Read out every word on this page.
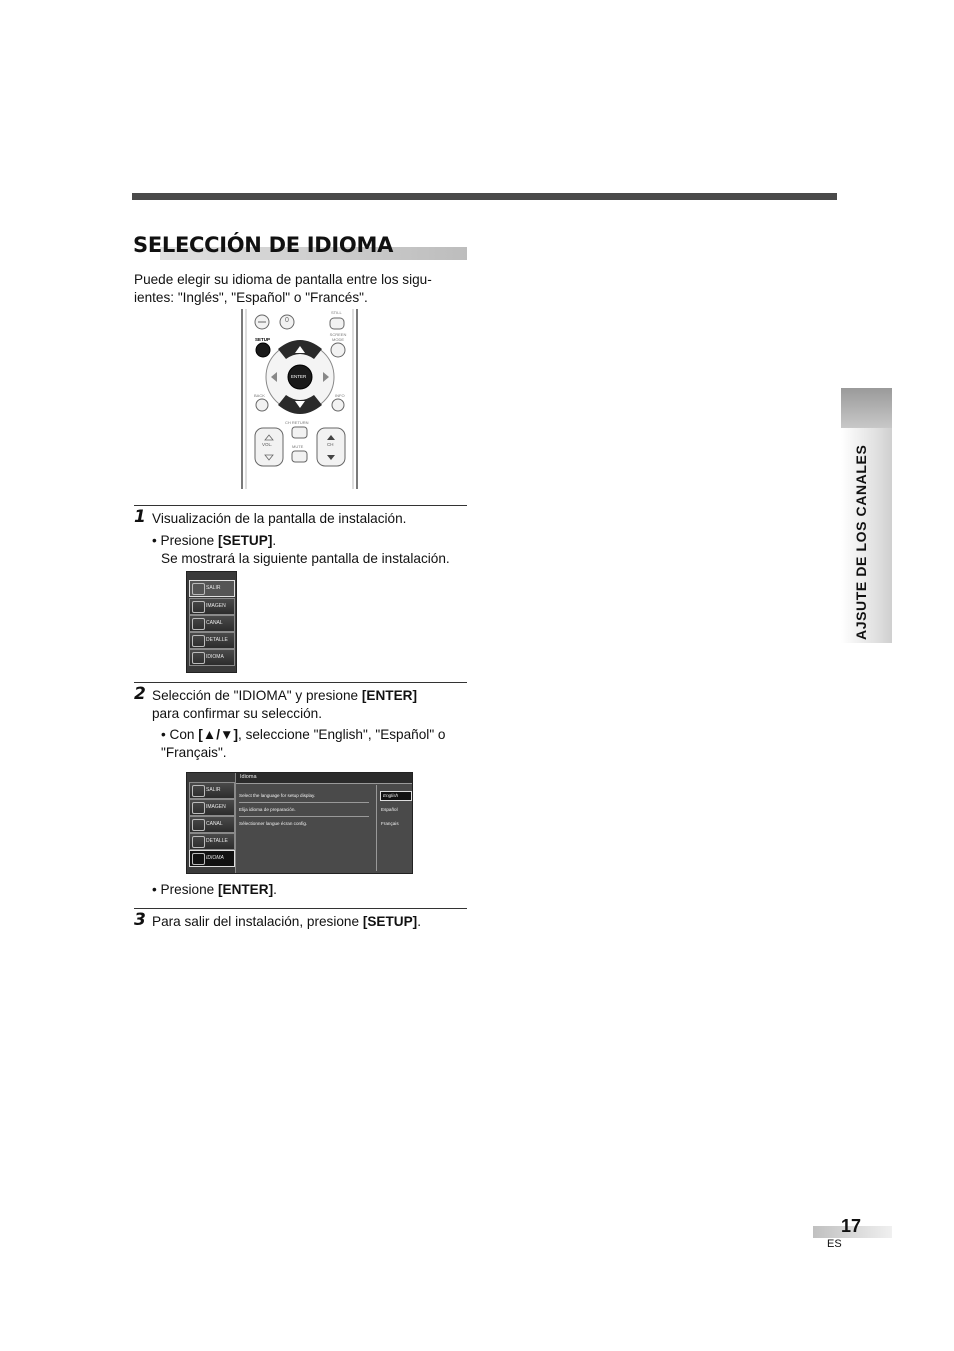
SELECCIÓN DE IDIOMA
Puede elegir su idioma de pantalla entre los sigu-
ientes: "Inglés", "Español" o "Francés".
STILL
SCREEN MODE
0
SETUP
ENTER
BACK	INFO
CH RETURN
MUTE
VOL.	CH
1 Visualización de la pantalla de instalación.
• Presione [SETUP].
Se mostrará la siguiente pantalla de instalación.
SALIR
IMAGEN
CANAL
DETALLE
IDIOMA
2 Selección de "IDIOMA" y presione [ENTER]
para confirmar su selección.
• Con [▲/▼], seleccione "English", "Español" o
"Français".
SALIR
IMAGEN
CANAL
DETALLE
IDIOMA
Idioma
Select the language for setup display.
Elija idioma de preparación.
Sélectionner langue écran config.
English
Español
Français
• Presione [ENTER].
3 Para salir del instalación, presione [SETUP].
AJSUTE DE LOS CANALES
17
ES
